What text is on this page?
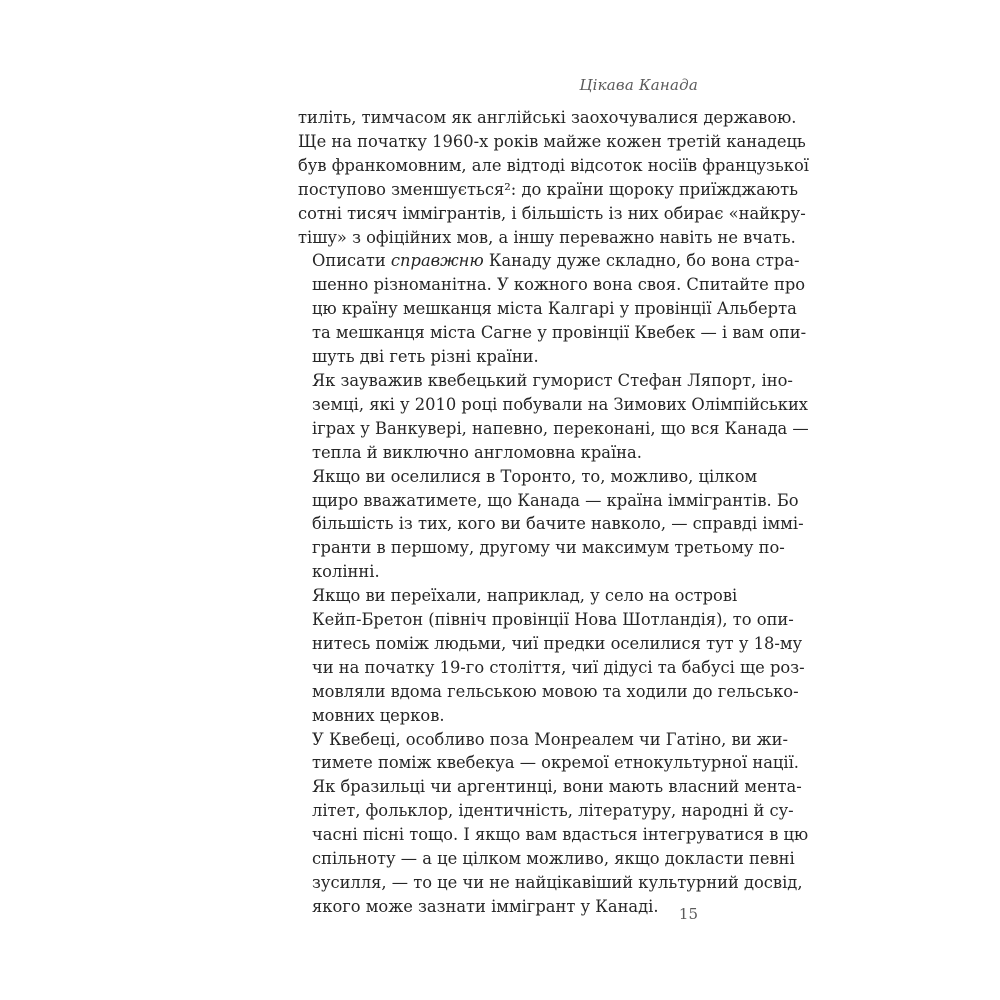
Цікава Канада

тиліть, тимчасом як англійські заохочувалися державою.
Ще на початку 1960-х років майже кожен третій канадець
був франкомовним, але відтоді відсоток носіїв французької
поступово зменшується²: до країни щороку приїжджають
сотні тисяч іммігрантів, і більшість із них обирає «найкру-
тішу» з офіційних мов, а іншу переважно навіть не вчать.

Описати справжню Канаду дуже складно, бо вона стра-
шенно різноманітна. У кожного вона своя. Спитайте про
цю країну мешканця міста Калгарі у провінції Альберта
та мешканця міста Сагне у провінції Квебек — і вам опи-
шуть дві геть різні країни.

Як зауважив квебецький гуморист Стефан Ляпорт, іно-
земці, які у 2010 році побували на Зимових Олімпійських
іграх у Ванкувері, напевно, переконані, що вся Канада —
тепла й виключно англомовна країна.

Якщо ви оселилися в Торонто, то, можливо, цілком
щиро вважатимете, що Канада — країна іммігрантів. Бо
більшість із тих, кого ви бачите навколо, — справді іммі-
гранти в першому, другому чи максимум третьому по-
колінні.

Якщо ви переїхали, наприклад, у село на острові
Кейп-Бретон (північ провінції Нова Шотландія), то опи-
нитесь поміж людьми, чиї предки оселилися тут у 18-му
чи на початку 19-го століття, чиї дідусі та бабусі ще роз-
мовляли вдома гельською мовою та ходили до гельсько-
мовних церков.

У Квебеці, особливо поза Монреалем чи Гатіно, ви жи-
тимете поміж квебекуа — окремої етнокультурної нації.
Як бразильці чи аргентинці, вони мають власний мента-
літет, фольклор, ідентичність, літературу, народні й су-
часні пісні тощо. І якщо вам вдасться інтегруватися в цю
спільноту — а це цілком можливо, якщо докласти певні
зусилля, — то це чи не найцікавіший культурний досвід,
якого може зазнати іммігрант у Канаді.	15
